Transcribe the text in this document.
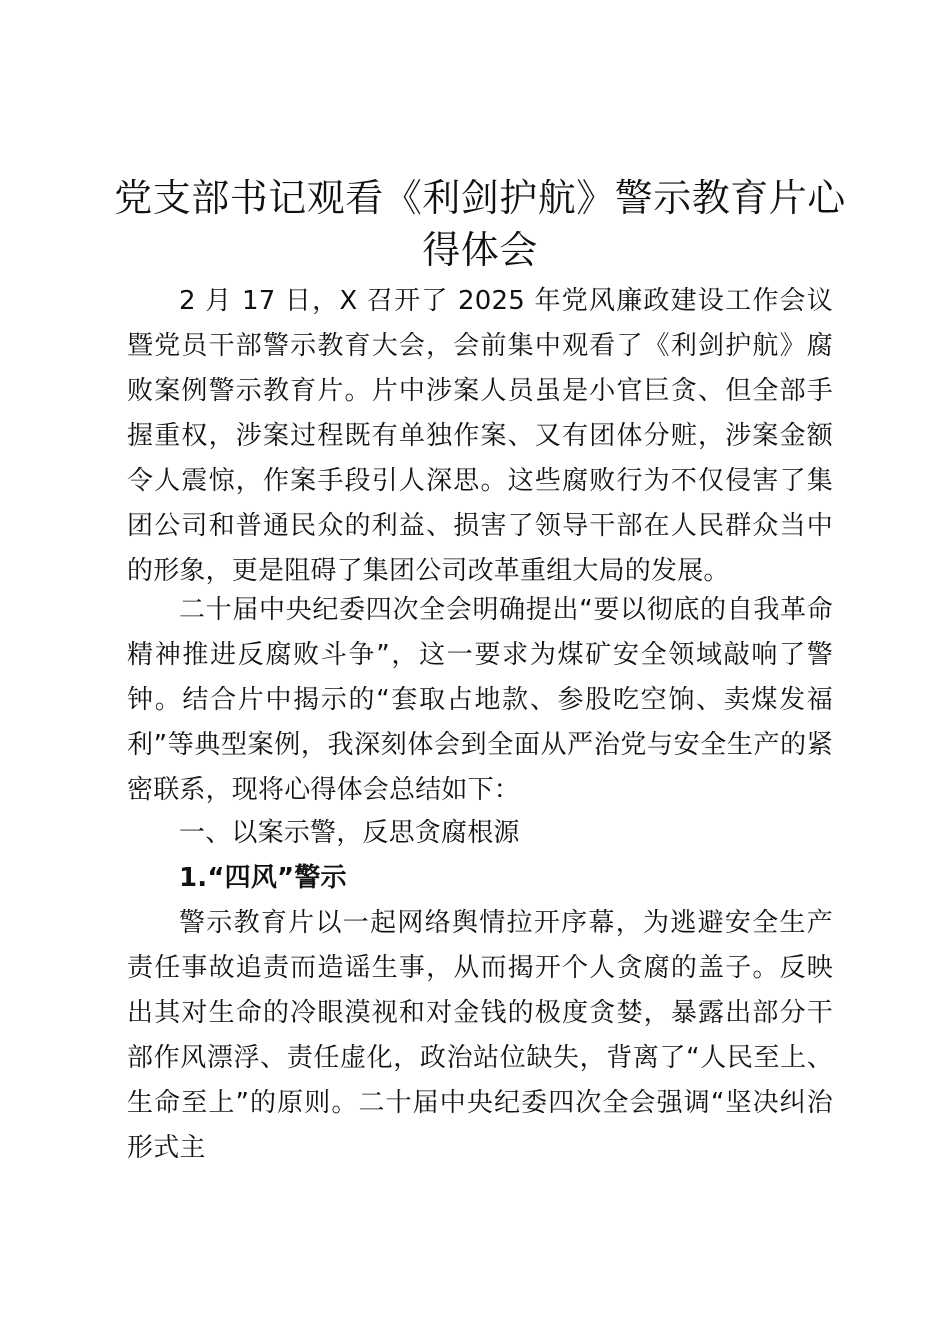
党支部书记观看《利剑护航》警示教育片心得体会

2 月 17 日，X 召开了 2025 年党风廉政建设工作会议暨党员干部警示教育大会，会前集中观看了《利剑护航》腐败案例警示教育片。片中涉案人员虽是小官巨贪、但全部手握重权，涉案过程既有单独作案、又有团体分赃，涉案金额令人震惊，作案手段引人深思。这些腐败行为不仅侵害了集团公司和普通民众的利益、损害了领导干部在人民群众当中的形象，更是阻碍了集团公司改革重组大局的发展。

二十届中央纪委四次全会明确提出“要以彻底的自我革命精神推进反腐败斗争”，这一要求为煤矿安全领域敲响了警钟。结合片中揭示的“套取占地款、参股吃空饷、卖煤发福利”等典型案例，我深刻体会到全面从严治党与安全生产的紧密联系，现将心得体会总结如下：

一、以案示警，反思贪腐根源

1.“四风”警示

警示教育片以一起网络舆情拉开序幕，为逃避安全生产责任事故追责而造谣生事，从而揭开个人贪腐的盖子。反映出其对生命的冷眼漠视和对金钱的极度贪婪，暴露出部分干部作风漂浮、责任虚化，政治站位缺失，背离了“人民至上、生命至上”的原则。二十届中央纪委四次全会强调“坚决纠治形式主
